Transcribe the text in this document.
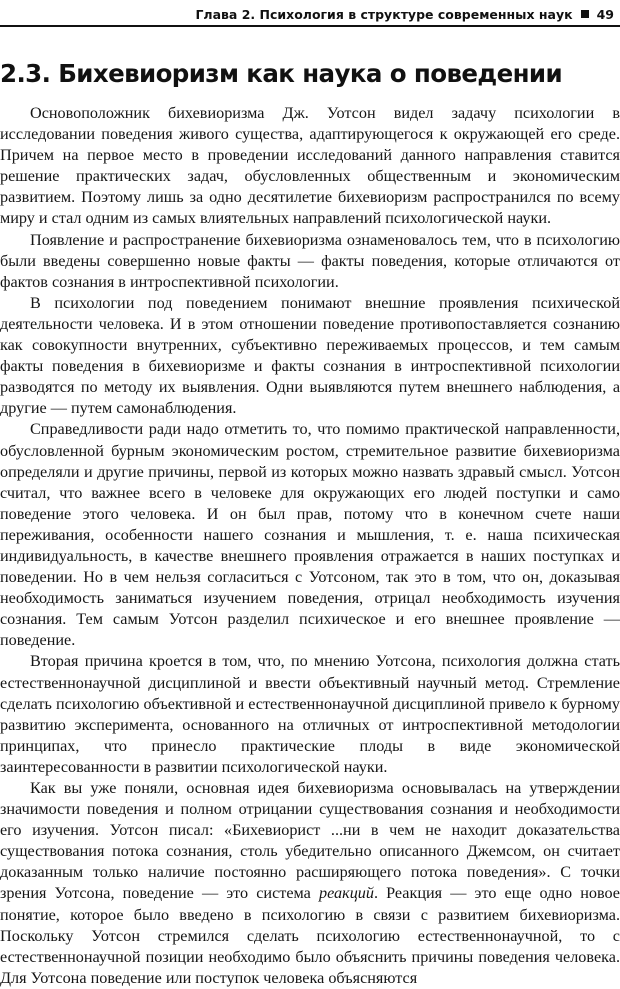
Глава 2. Психология в структуре современных наук 49
2.3. Бихевиоризм как наука о поведении

Основоположник бихевиоризма Дж. Уотсон видел задачу психологии в исследовании поведения живого существа, адаптирующегося к окружающей его среде. Причем на первое место в проведении исследований данного направления ставится решение практических задач, обусловленных общественным и экономическим развитием. Поэтому лишь за одно десятилетие бихевиоризм распространился по всему миру и стал одним из самых влиятельных направлений психологической науки.

Появление и распространение бихевиоризма ознаменовалось тем, что в психологию были введены совершенно новые факты — факты поведения, которые отличаются от фактов сознания в интроспективной психологии.

В психологии под поведением понимают внешние проявления психической деятельности человека. И в этом отношении поведение противопоставляется сознанию как совокупности внутренних, субъективно переживаемых процессов, и тем самым факты поведения в бихевиоризме и факты сознания в интроспективной психологии разводятся по методу их выявления. Одни выявляются путем внешнего наблюдения, а другие — путем самонаблюдения.

Справедливости ради надо отметить то, что помимо практической направленности, обусловленной бурным экономическим ростом, стремительное развитие бихевиоризма определяли и другие причины, первой из которых можно назвать здравый смысл. Уотсон считал, что важнее всего в человеке для окружающих его людей поступки и само поведение этого человека. И он был прав, потому что в конечном счете наши переживания, особенности нашего сознания и мышления, т. е. наша психическая индивидуальность, в качестве внешнего проявления отражается в наших поступках и поведении. Но в чем нельзя согласиться с Уотсоном, так это в том, что он, доказывая необходимость заниматься изучением поведения, отрицал необходимость изучения сознания. Тем самым Уотсон разделил психическое и его внешнее проявление — поведение.

Вторая причина кроется в том, что, по мнению Уотсона, психология должна стать естественнонаучной дисциплиной и ввести объективный научный метод. Стремление сделать психологию объективной и естественнонаучной дисциплиной привело к бурному развитию эксперимента, основанного на отличных от интроспективной методологии принципах, что принесло практические плоды в виде экономической заинтересованности в развитии психологической науки.

Как вы уже поняли, основная идея бихевиоризма основывалась на утверждении значимости поведения и полном отрицании существования сознания и необходимости его изучения. Уотсон писал: «Бихевиорист ...ни в чем не находит доказательства существования потока сознания, столь убедительно описанного Джемсом, он считает доказанным только наличие постоянно расширяющего потока поведения». С точки зрения Уотсона, поведение — это система реакций. Реакция — это еще одно новое понятие, которое было введено в психологию в связи с развитием бихевиоризма. Поскольку Уотсон стремился сделать психологию естественнонаучной, то с естественнонаучной позиции необходимо было объяснить причины поведения человека. Для Уотсона поведение или поступок человека объясняются
